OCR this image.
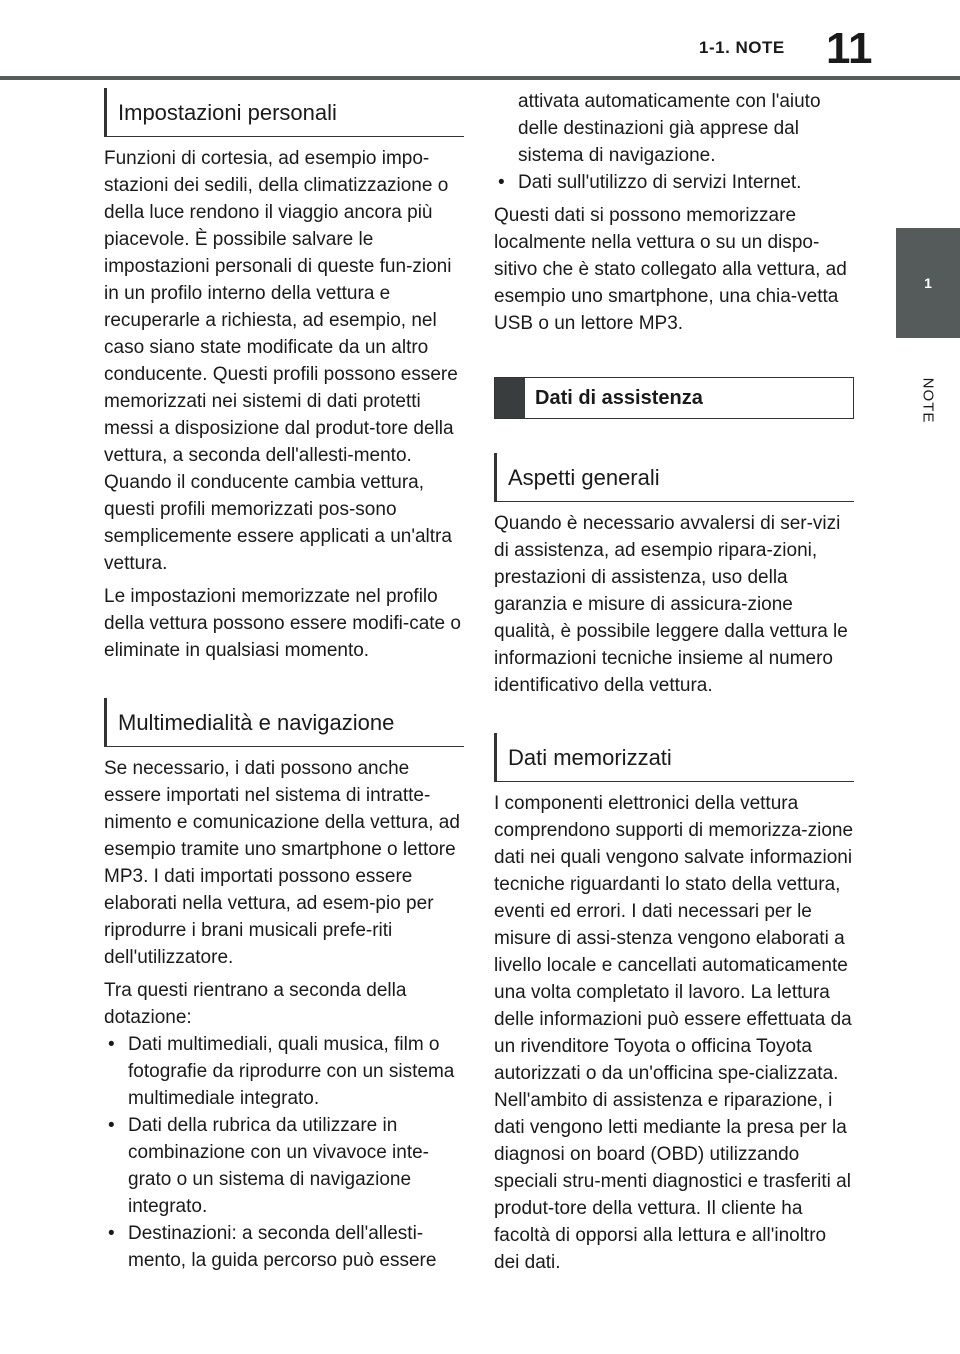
1-1. NOTE 11
1
NOTE
Impostazioni personali

Funzioni di cortesia, ad esempio impo-stazioni dei sedili, della climatizzazione o della luce rendono il viaggio ancora più piacevole. È possibile salvare le impostazioni personali di queste fun-zioni in un profilo interno della vettura e recuperarle a richiesta, ad esempio, nel caso siano state modificate da un altro conducente. Questi profili possono essere memorizzati nei sistemi di dati protetti messi a disposizione dal produt-tore della vettura, a seconda dell'allesti-mento. Quando il conducente cambia vettura, questi profili memorizzati pos-sono semplicemente essere applicati a un'altra vettura.

Le impostazioni memorizzate nel profilo della vettura possono essere modifi-cate o eliminate in qualsiasi momento.

Multimedialità e navigazione

Se necessario, i dati possono anche essere importati nel sistema di intratte-nimento e comunicazione della vettura, ad esempio tramite uno smartphone o lettore MP3. I dati importati possono essere elaborati nella vettura, ad esem-pio per riprodurre i brani musicali prefe-riti dell'utilizzatore.

Tra questi rientrano a seconda della dotazione:

• Dati multimediali, quali musica, film o fotografie da riprodurre con un sistema multimediale integrato.
• Dati della rubrica da utilizzare in combinazione con un vivavoce inte-grato o un sistema di navigazione integrato.
• Destinazioni: a seconda dell'allesti-mento, la guida percorso può essere
attivata automaticamente con l'aiuto delle destinazioni già apprese dal sistema di navigazione.
• Dati sull'utilizzo di servizi Internet.

Questi dati si possono memorizzare localmente nella vettura o su un dispo-sitivo che è stato collegato alla vettura, ad esempio uno smartphone, una chia-vetta USB o un lettore MP3.

Dati di assistenza
Aspetti generali

Quando è necessario avvalersi di ser-vizi di assistenza, ad esempio ripara-zioni, prestazioni di assistenza, uso della garanzia e misure di assicura-zione qualità, è possibile leggere dalla vettura le informazioni tecniche insieme al numero identificativo della vettura.

Dati memorizzati

I componenti elettronici della vettura comprendono supporti di memorizza-zione dati nei quali vengono salvate informazioni tecniche riguardanti lo stato della vettura, eventi ed errori. I dati necessari per le misure di assi-stenza vengono elaborati a livello locale e cancellati automaticamente una volta completato il lavoro. La lettura delle informazioni può essere effettuata da un rivenditore Toyota o officina Toyota autorizzati o da un'officina spe-cializzata. Nell'ambito di assistenza e riparazione, i dati vengono letti mediante la presa per la diagnosi on board (OBD) utilizzando speciali stru-menti diagnostici e trasferiti al produt-tore della vettura. Il cliente ha facoltà di opporsi alla lettura e all'inoltro dei dati.
